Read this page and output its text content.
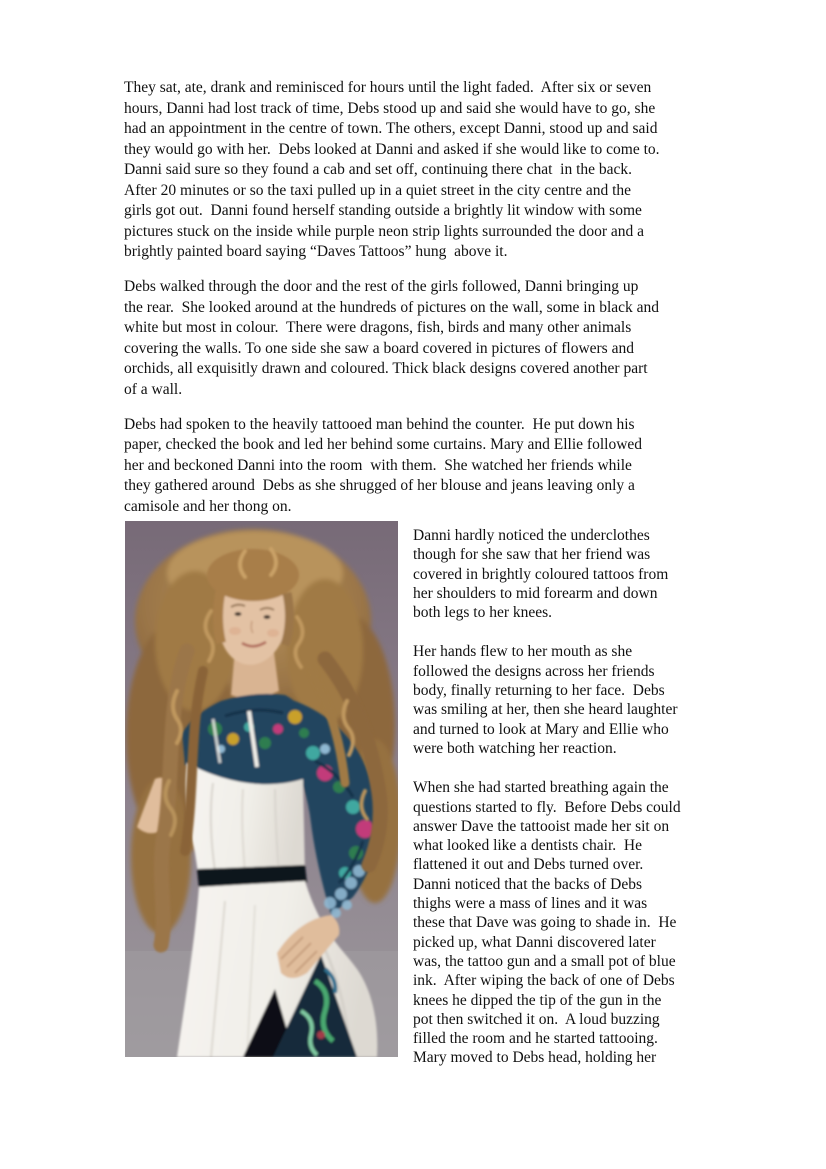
They sat, ate, drank and reminisced for hours until the light faded.  After six or seven
hours, Danni had lost track of time, Debs stood up and said she would have to go, she
had an appointment in the centre of town. The others, except Danni, stood up and said
they would go with her.  Debs looked at Danni and asked if she would like to come to.
Danni said sure so they found a cab and set off, continuing there chat  in the back.
After 20 minutes or so the taxi pulled up in a quiet street in the city centre and the
girls got out.  Danni found herself standing outside a brightly lit window with some
pictures stuck on the inside while purple neon strip lights surrounded the door and a
brightly painted board saying “Daves Tattoos” hung  above it.
Debs walked through the door and the rest of the girls followed, Danni bringing up
the rear.  She looked around at the hundreds of pictures on the wall, some in black and
white but most in colour.  There were dragons, fish, birds and many other animals
covering the walls. To one side she saw a board covered in pictures of flowers and
orchids, all exquisitly drawn and coloured. Thick black designs covered another part
of a wall.
Debs had spoken to the heavily tattooed man behind the counter.  He put down his
paper, checked the book and led her behind some curtains. Mary and Ellie followed
her and beckoned Danni into the room  with them.  She watched her friends while
they gathered around  Debs as she shrugged of her blouse and jeans leaving only a
camisole and her thong on.
Danni hardly noticed the underclothes
though for she saw that her friend was
covered in brightly coloured tattoos from
her shoulders to mid forearm and down
both legs to her knees.
Her hands flew to her mouth as she
followed the designs across her friends
body, finally returning to her face.  Debs
was smiling at her, then she heard laughter
and turned to look at Mary and Ellie who
were both watching her reaction.
When she had started breathing again the
questions started to fly.  Before Debs could
answer Dave the tattooist made her sit on
what looked like a dentists chair.  He
flattened it out and Debs turned over.
Danni noticed that the backs of Debs
thighs were a mass of lines and it was
these that Dave was going to shade in.  He
picked up, what Danni discovered later
was, the tattoo gun and a small pot of blue
ink.  After wiping the back of one of Debs
knees he dipped the tip of the gun in the
pot then switched it on.  A loud buzzing
filled the room and he started tattooing.
Mary moved to Debs head, holding her
